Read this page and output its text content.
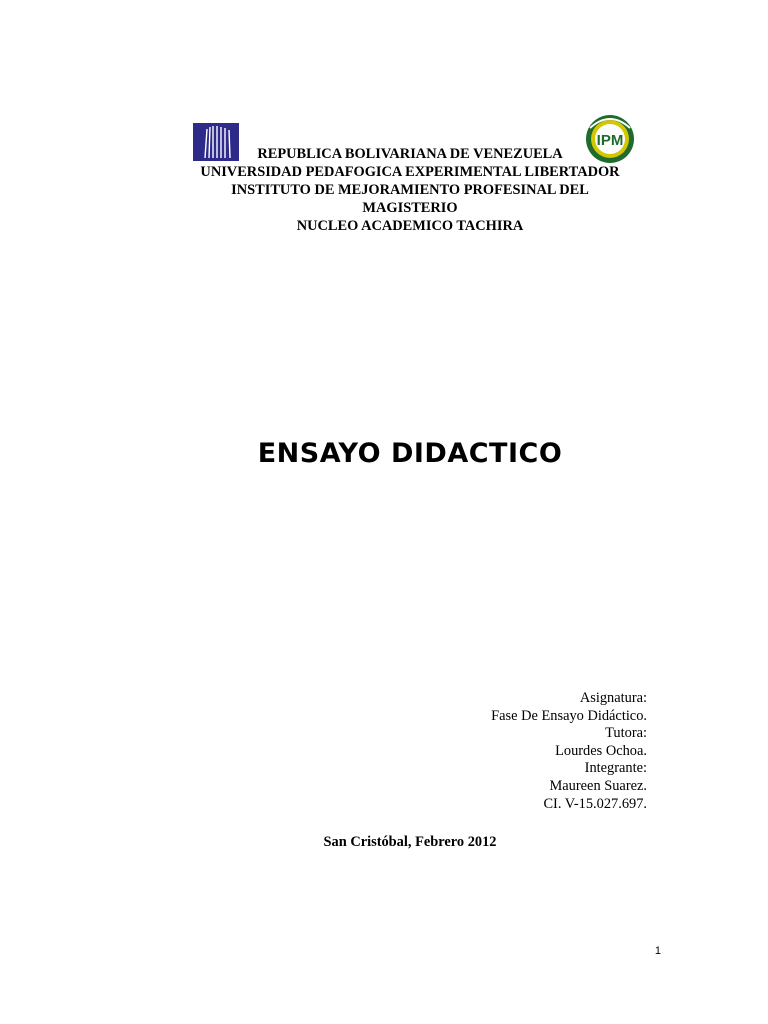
IPM
REPUBLICA BOLIVARIANA DE VENEZUELA
UNIVERSIDAD PEDAFOGICA EXPERIMENTAL LIBERTADOR
INSTITUTO DE MEJORAMIENTO PROFESINAL DEL
MAGISTERIO
NUCLEO ACADEMICO TACHIRA
ENSAYO DIDACTICO
Asignatura:
Fase De Ensayo Didáctico.
Tutora:
Lourdes Ochoa.
Integrante:
Maureen Suarez.
CI. V-15.027.697.
San Cristóbal, Febrero 2012
1
